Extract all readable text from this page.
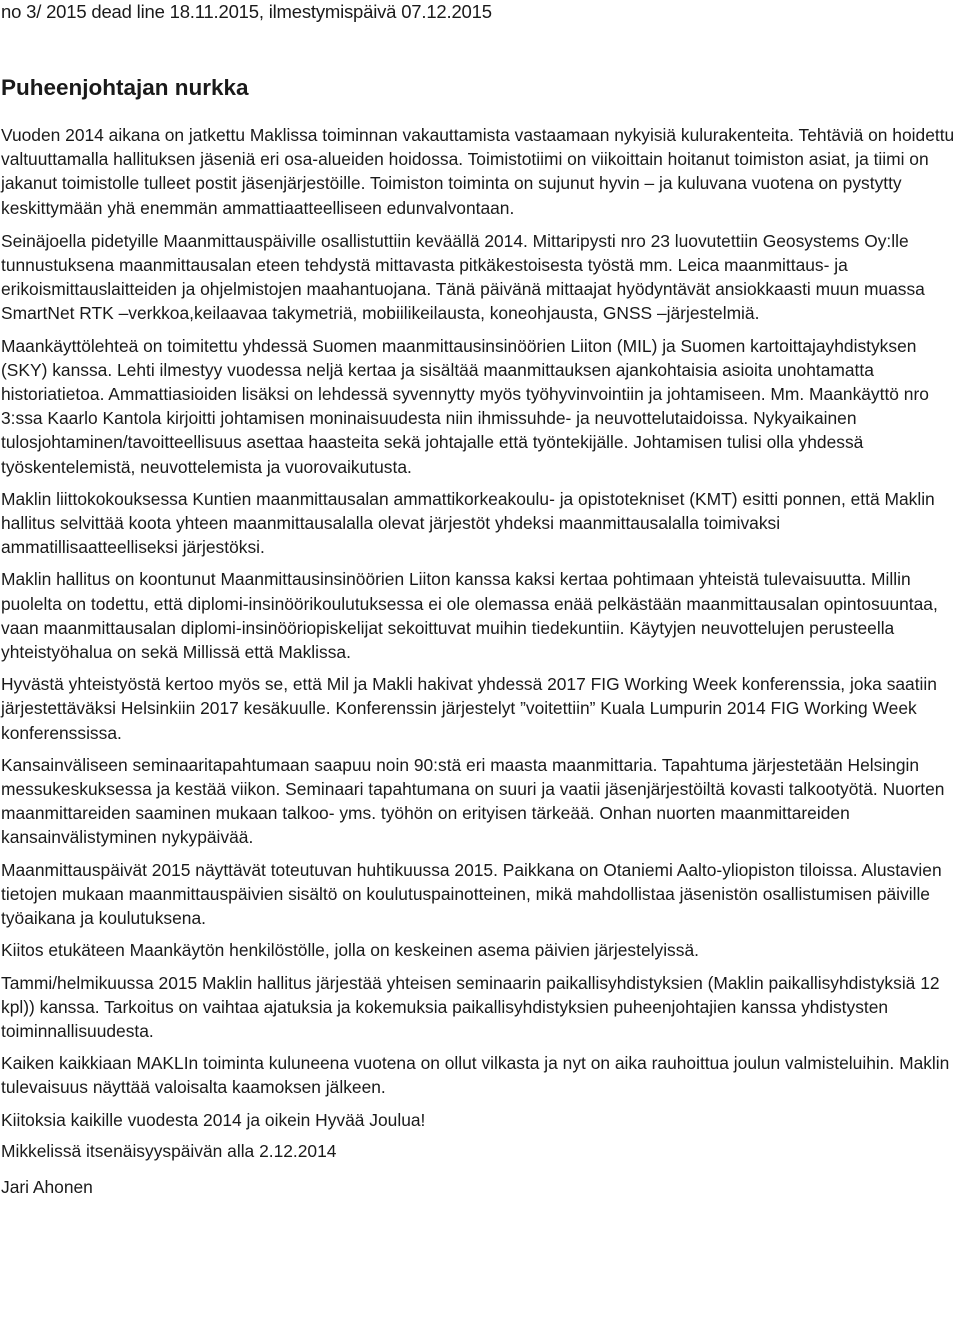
no 3/ 2015 dead line 18.11.2015, ilmestymispäivä 07.12.2015
Puheenjohtajan nurkka
Vuoden 2014 aikana on jatkettu Maklissa toiminnan vakauttamista vastaamaan nykyisiä kulurakenteita. Tehtäviä on hoidettu valtuuttamalla hallituksen jäseniä eri osa-alueiden hoidossa. Toimistotiimi on viikoittain hoitanut toimiston asiat, ja tiimi on jakanut toimistolle tulleet postit jäsenjärjestöille. Toimiston toiminta on sujunut hyvin – ja kuluvana vuotena on pystytty keskittymään yhä enemmän ammattiaatteelliseen edunvalvontaan.
Seinäjoella pidetyille Maanmittauspäiville osallistuttiin keväällä 2014. Mittaripysti nro 23 luovutettiin Geosystems Oy:lle tunnustuksena maanmittausalan eteen tehdystä mittavasta pitkäkestoisesta työstä mm. Leica maanmittaus- ja erikoismittauslaitteiden ja ohjelmistojen maahantuojana. Tänä päivänä mittaajat hyödyntävät ansiokkaasti muun muassa SmartNet RTK –verkkoa,keilaavaa takymetriä, mobiilikeilausta, koneohjausta, GNSS –järjestelmiä.
Maankäyttölehteä on toimitettu yhdessä Suomen maanmittausinsinöörien Liiton (MIL) ja Suomen kartoittajayhdistyksen (SKY) kanssa. Lehti ilmestyy vuodessa neljä kertaa ja sisältää maanmittauksen ajankohtaisia asioita unohtamatta historiatietoa. Ammattiasioiden lisäksi on lehdessä syvennytty myös työhyvinvointiin ja johtamiseen. Mm. Maankäyttö nro 3:ssa Kaarlo Kantola kirjoitti johtamisen moninaisuudesta niin ihmissuhde- ja neuvottelutaidoissa. Nykyaikainen tulosjohtaminen/tavoitteellisuus asettaa haasteita sekä johtajalle että työntekijälle. Johtamisen tulisi olla yhdessä työskentelemistä, neuvottelemista ja vuorovaikutusta.
Maklin liittokokouksessa Kuntien maanmittausalan ammattikorkeakoulu- ja opistotekniset (KMT) esitti ponnen, että Maklin hallitus selvittää koota yhteen maanmittausalalla olevat järjestöt yhdeksi maanmittausalalla toimivaksi ammatillisaatteelliseksi järjestöksi.
Maklin hallitus on koontunut Maanmittausinsinöörien Liiton kanssa kaksi kertaa pohtimaan yhteistä tulevaisuutta. Millin puolelta on todettu, että diplomi-insinöörikoulutuksessa ei ole olemassa enää pelkästään maanmittausalan opintosuuntaa, vaan maanmittausalan diplomi-insinööriopiskelijat sekoittuvat muihin tiedekuntiin. Käytyjen neuvottelujen perusteella yhteistyöhalua on sekä Millissä että Maklissa.
Hyvästä yhteistyöstä kertoo myös se, että Mil ja Makli hakivat yhdessä 2017 FIG Working Week konferenssia, joka saatiin järjestettäväksi Helsinkiin 2017 kesäkuulle. Konferenssin järjestelyt ”voitettiin” Kuala Lumpurin 2014 FIG Working Week konferenssissa.
Kansainväliseen seminaaritapahtumaan saapuu noin 90:stä eri maasta maanmittaria. Tapahtuma järjestetään Helsingin messukeskuksessa ja kestää viikon. Seminaari tapahtumana on suuri ja vaatii jäsenjärjestöiltä kovasti talkootyötä. Nuorten maanmittareiden saaminen mukaan talkoo- yms. työhön on erityisen tärkeää. Onhan nuorten maanmittareiden kansainvälistyminen nykypäivää.
Maanmittauspäivät 2015 näyttävät toteutuvan huhtikuussa 2015. Paikkana on Otaniemi Aalto-yliopiston tiloissa. Alustavien tietojen mukaan maanmittauspäivien sisältö on koulutuspainotteinen, mikä mahdollistaa jäsenistön osallistumisen päiville työaikana ja koulutuksena.
Kiitos etukäteen Maankäytön henkilöstölle, jolla on keskeinen asema päivien järjestelyissä.
Tammi/helmikuussa 2015 Maklin hallitus järjestää yhteisen seminaarin paikallisyhdistyksien (Maklin paikallisyhdistyksiä 12 kpl)) kanssa. Tarkoitus on vaihtaa ajatuksia ja kokemuksia paikallisyhdistyksien puheenjohtajien kanssa yhdistysten toiminnallisuudesta.
Kaiken kaikkiaan MAKLIn toiminta kuluneena vuotena on ollut vilkasta ja nyt on aika rauhoittua joulun valmisteluihin. Maklin tulevaisuus näyttää valoisalta kaamoksen jälkeen.
Kiitoksia kaikille vuodesta 2014 ja oikein Hyvää Joulua!
Mikkelissä itsenäisyyspäivän alla 2.12.2014
Jari Ahonen
